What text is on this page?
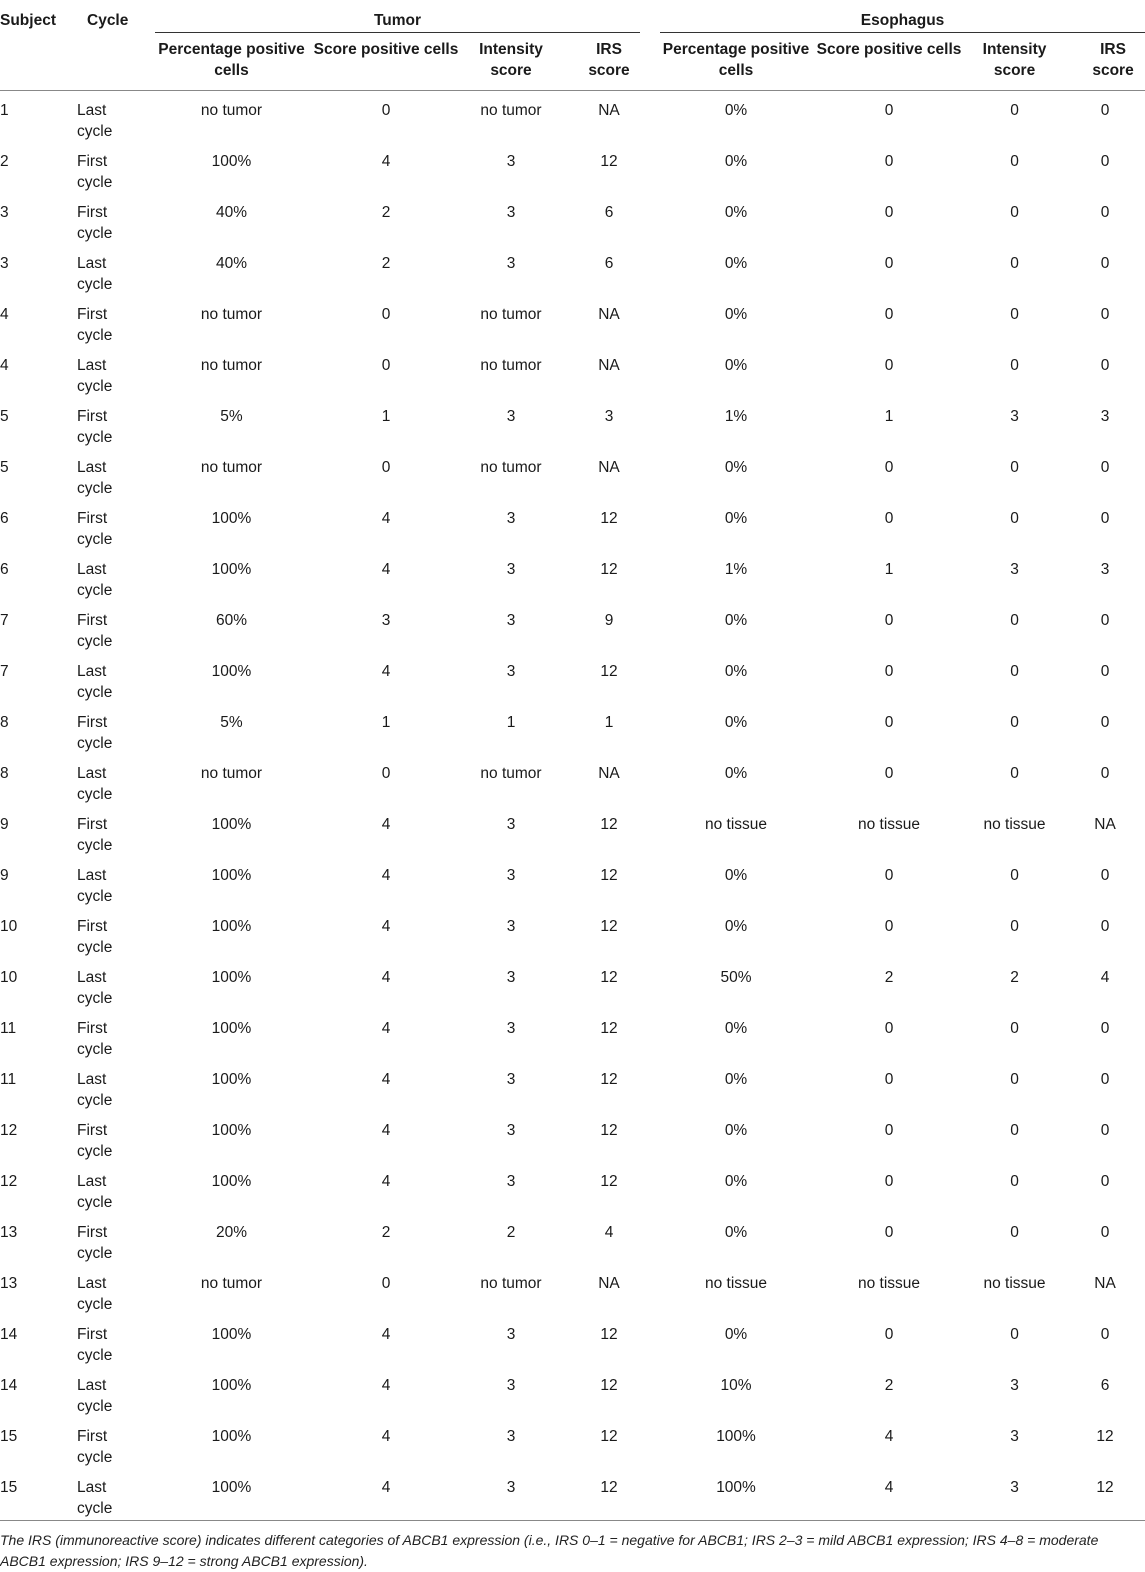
Subject	Cycle	Tumor				Esophagus			

		Percentage positive cells	Score positive cells	Intensity score	IRS score	Percentage positive cells	Score positive cells	Intensity score	IRS score
1	Last cycle	no tumor	0	no tumor	NA	0%	0	0	0
2	First cycle	100%	4	3	12	0%	0	0	0
3	First cycle	40%	2	3	6	0%	0	0	0
3	Last cycle	40%	2	3	6	0%	0	0	0
4	First cycle	no tumor	0	no tumor	NA	0%	0	0	0
4	Last cycle	no tumor	0	no tumor	NA	0%	0	0	0
5	First cycle	5%	1	3	3	1%	1	3	3
5	Last cycle	no tumor	0	no tumor	NA	0%	0	0	0
6	First cycle	100%	4	3	12	0%	0	0	0
6	Last cycle	100%	4	3	12	1%	1	3	3
7	First cycle	60%	3	3	9	0%	0	0	0
7	Last cycle	100%	4	3	12	0%	0	0	0
8	First cycle	5%	1	1	1	0%	0	0	0
8	Last cycle	no tumor	0	no tumor	NA	0%	0	0	0
9	First cycle	100%	4	3	12	no tissue	no tissue	no tissue	NA
9	Last cycle	100%	4	3	12	0%	0	0	0
10	First cycle	100%	4	3	12	0%	0	0	0
10	Last cycle	100%	4	3	12	50%	2	2	4
11	First cycle	100%	4	3	12	0%	0	0	0
11	Last cycle	100%	4	3	12	0%	0	0	0
12	First cycle	100%	4	3	12	0%	0	0	0
12	Last cycle	100%	4	3	12	0%	0	0	0
13	First cycle	20%	2	2	4	0%	0	0	0
13	Last cycle	no tumor	0	no tumor	NA	no tissue	no tissue	no tissue	NA
14	First cycle	100%	4	3	12	0%	0	0	0
14	Last cycle	100%	4	3	12	10%	2	3	6
15	First cycle	100%	4	3	12	100%	4	3	12
15	Last cycle	100%	4	3	12	100%	4	3	12
The IRS (immunoreactive score) indicates different categories of ABCB1 expression (i.e., IRS 0–1 = negative for ABCB1; IRS 2–3 = mild ABCB1 expression; IRS 4–8 = moderate ABCB1 expression; IRS 9–12 = strong ABCB1 expression).
